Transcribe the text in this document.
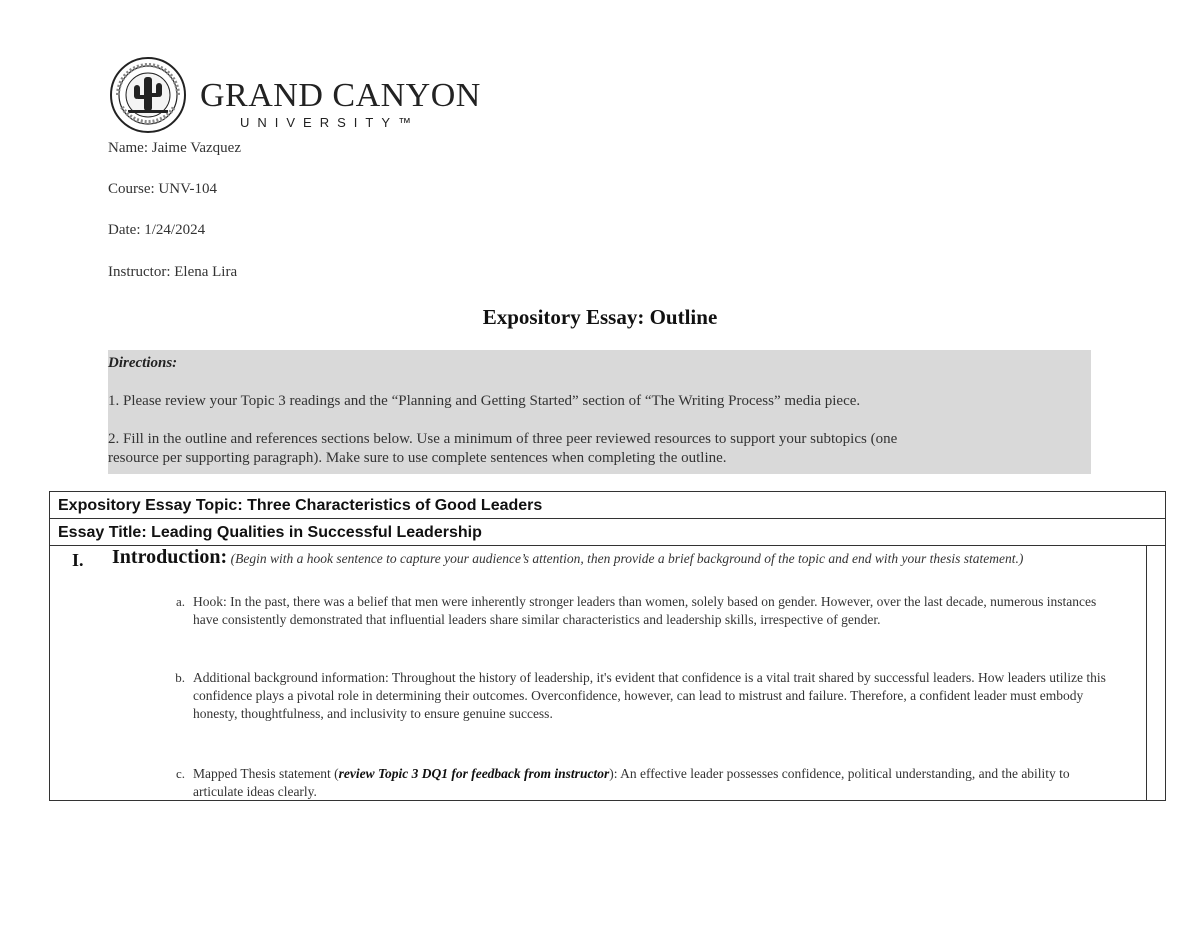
GRAND CANYON
UNIVERSITY™
Name: Jaime Vazquez
Course: UNV-104
Date: 1/24/2024
Instructor: Elena Lira
Expository Essay: Outline
Directions:
1. Please review your Topic 3 readings and the “Planning and Getting Started” section of “The Writing Process” media piece.
2. Fill in the outline and references sections below. Use a minimum of three peer reviewed resources to support your subtopics (one
resource per supporting paragraph). Make sure to use complete sentences when completing the outline.
Expository Essay Topic: Three Characteristics of Good Leaders
Essay Title: Leading Qualities in Successful Leadership
I. Introduction: (Begin with a hook sentence to capture your audience’s attention, then provide a brief background of the topic and end with your thesis statement.)
a. Hook: In the past, there was a belief that men were inherently stronger leaders than women, solely based on gender. However, over the last decade, numerous instances have consistently demonstrated that influential leaders share similar characteristics and leadership skills, irrespective of gender.
b. Additional background information: Throughout the history of leadership, it's evident that confidence is a vital trait shared by successful leaders. How leaders utilize this confidence plays a pivotal role in determining their outcomes. Overconfidence, however, can lead to mistrust and failure. Therefore, a confident leader must embody honesty, thoughtfulness, and inclusivity to ensure genuine success.
c. Mapped Thesis statement (review Topic 3 DQ1 for feedback from instructor): An effective leader possesses confidence, political understanding, and the ability to articulate ideas clearly.
